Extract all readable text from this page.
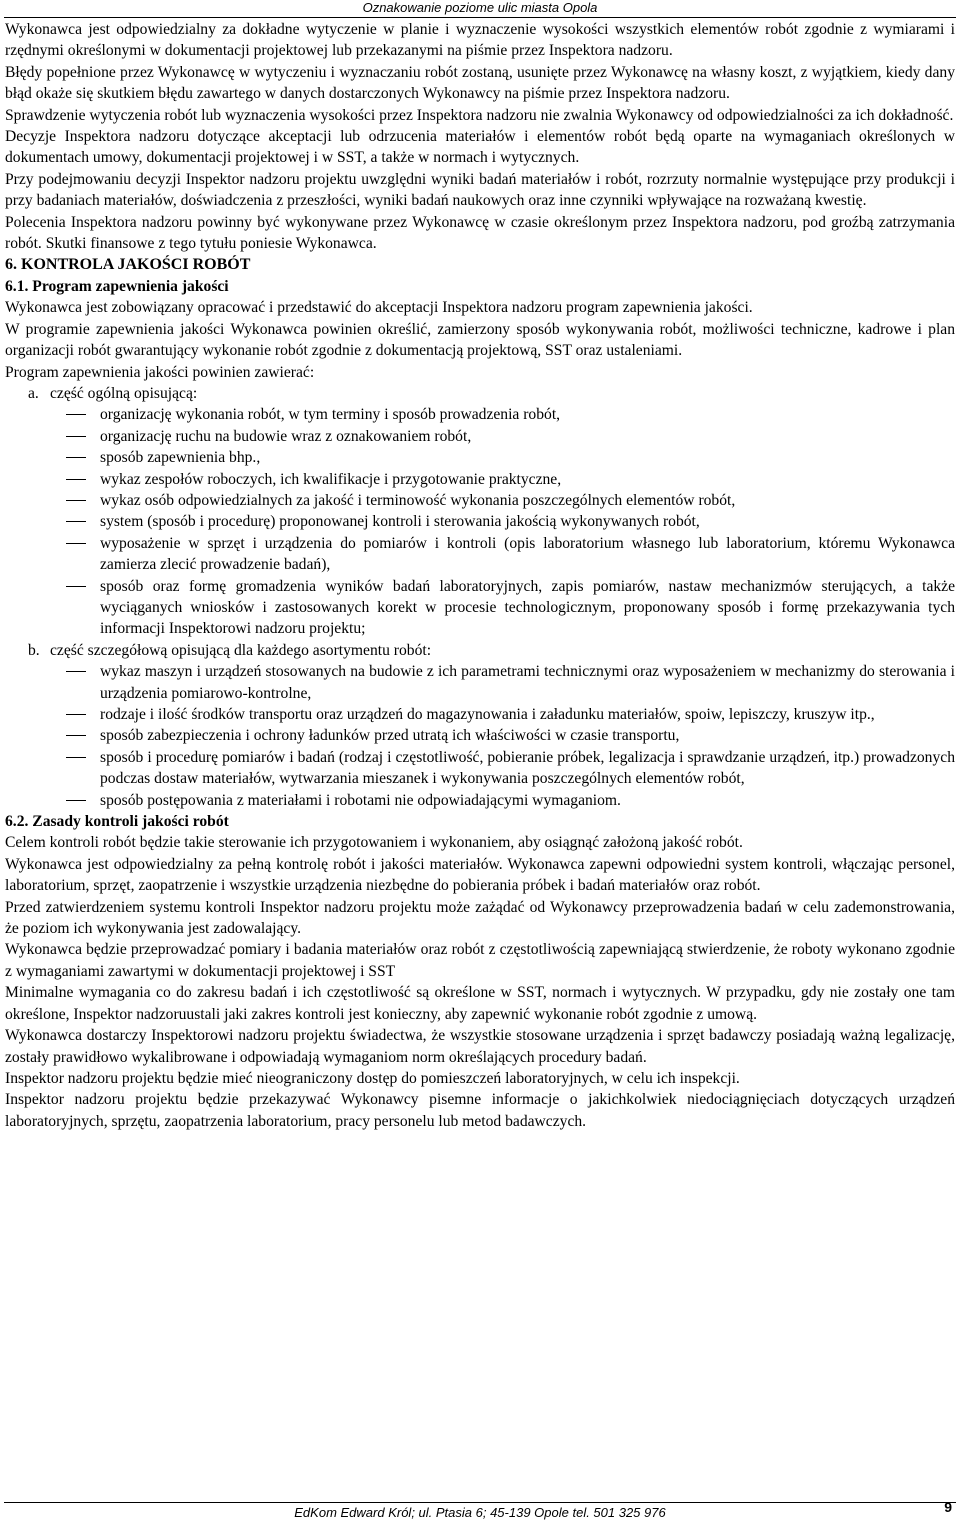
Oznakowanie poziome ulic miasta Opola

Wykonawca jest odpowiedzialny za dokładne wytyczenie w planie i wyznaczenie wysokości wszystkich elementów robót zgodnie z wymiarami i rzędnymi określonymi w dokumentacji projektowej lub przekazanymi na piśmie przez Inspektora nadzoru.

Błędy popełnione przez Wykonawcę w wytyczeniu i wyznaczaniu robót zostaną, usunięte przez Wykonawcę na własny koszt, z wyjątkiem, kiedy dany błąd okaże się skutkiem błędu zawartego w danych dostarczonych Wykonawcy na piśmie przez Inspektora nadzoru.

Sprawdzenie wytyczenia robót lub wyznaczenia wysokości przez Inspektora nadzoru nie zwalnia Wykonawcy od odpowiedzialności za ich dokładność.

Decyzje Inspektora nadzoru dotyczące akceptacji lub odrzucenia materiałów i elementów robót będą oparte na wymaganiach określonych w dokumentach umowy, dokumentacji projektowej i w SST, a także w normach i wytycznych.

Przy podejmowaniu decyzji Inspektor nadzoru projektu uwzględni wyniki badań materiałów i robót, rozrzuty normalnie występujące przy produkcji i przy badaniach materiałów, doświadczenia z przeszłości, wyniki badań naukowych oraz inne czynniki wpływające na rozważaną kwestię.

Polecenia Inspektora nadzoru powinny być wykonywane przez Wykonawcę w czasie określonym przez Inspektora nadzoru, pod groźbą zatrzymania robót. Skutki finansowe z tego tytułu poniesie Wykonawca.

6. KONTROLA JAKOŚCI ROBÓT

6.1. Program zapewnienia jakości

Wykonawca jest zobowiązany opracować i przedstawić do akceptacji Inspektora nadzoru program zapewnienia jakości.

W programie zapewnienia jakości Wykonawca powinien określić, zamierzony sposób wykonywania robót, możliwości techniczne, kadrowe i plan organizacji robót gwarantujący wykonanie robót zgodnie z dokumentacją projektową, SST oraz ustaleniami.

Program zapewnienia jakości powinien zawierać:

a. część ogólną opisującą:
organizację wykonania robót, w tym terminy i sposób prowadzenia robót,
organizację ruchu na budowie wraz z oznakowaniem robót,
sposób zapewnienia bhp.,
wykaz zespołów roboczych, ich kwalifikacje i przygotowanie praktyczne,
wykaz osób odpowiedzialnych za jakość i terminowość wykonania poszczególnych elementów robót,
system (sposób i procedurę) proponowanej kontroli i sterowania jakością wykonywanych robót,
wyposażenie w sprzęt i urządzenia do pomiarów i kontroli (opis laboratorium własnego lub laboratorium, któremu Wykonawca zamierza zlecić prowadzenie badań),
sposób oraz formę gromadzenia wyników badań laboratoryjnych, zapis pomiarów, nastaw mechanizmów sterujących, a także wyciąganych wniosków i zastosowanych korekt w procesie technologicznym, proponowany sposób i formę przekazywania tych informacji Inspektorowi nadzoru projektu;
b. część szczegółową opisującą dla każdego asortymentu robót:
wykaz maszyn i urządzeń stosowanych na budowie z ich parametrami technicznymi oraz wyposażeniem w mechanizmy do sterowania i urządzenia pomiarowo-kontrolne,
rodzaje i ilość środków transportu oraz urządzeń do magazynowania i załadunku materiałów, spoiw, lepiszczy, kruszyw itp.,
sposób zabezpieczenia i ochrony ładunków przed utratą ich właściwości w czasie transportu,
sposób i procedurę pomiarów i badań (rodzaj i częstotliwość, pobieranie próbek, legalizacja i sprawdzanie urządzeń, itp.) prowadzonych podczas dostaw materiałów, wytwarzania mieszanek i wykonywania poszczególnych elementów robót,
sposób postępowania z materiałami i robotami nie odpowiadającymi wymaganiom.

6.2. Zasady kontroli jakości robót

Celem kontroli robót będzie takie sterowanie ich przygotowaniem i wykonaniem, aby osiągnąć założoną jakość robót.

Wykonawca jest odpowiedzialny za pełną kontrolę robót i jakości materiałów. Wykonawca zapewni odpowiedni system kontroli, włączając personel, laboratorium, sprzęt, zaopatrzenie i wszystkie urządzenia niezbędne do pobierania próbek i badań materiałów oraz robót.

Przed zatwierdzeniem systemu kontroli Inspektor nadzoru projektu może zażądać od Wykonawcy przeprowadzenia badań w celu zademonstrowania, że poziom ich wykonywania jest zadowalający.

Wykonawca będzie przeprowadzać pomiary i badania materiałów oraz robót z częstotliwością zapewniającą stwierdzenie, że roboty wykonano zgodnie z wymaganiami zawartymi w dokumentacji projektowej i SST

Minimalne wymagania co do zakresu badań i ich częstotliwość są określone w SST, normach i wytycznych. W przypadku, gdy nie zostały one tam określone, Inspektor nadzoruustali jaki zakres kontroli jest konieczny, aby zapewnić wykonanie robót zgodnie z umową.

Wykonawca dostarczy Inspektorowi nadzoru projektu świadectwa, że wszystkie stosowane urządzenia i sprzęt badawczy posiadają ważną legalizację, zostały prawidłowo wykalibrowane i odpowiadają wymaganiom norm określających procedury badań.

Inspektor nadzoru projektu będzie mieć nieograniczony dostęp do pomieszczeń laboratoryjnych, w celu ich inspekcji.

Inspektor nadzoru projektu będzie przekazywać Wykonawcy pisemne informacje o jakichkolwiek niedociągnięciach dotyczących urządzeń laboratoryjnych, sprzętu, zaopatrzenia laboratorium, pracy personelu lub metod badawczych.

EdKom Edward Król; ul. Ptasia 6; 45-139 Opole tel. 501 325 976	9
